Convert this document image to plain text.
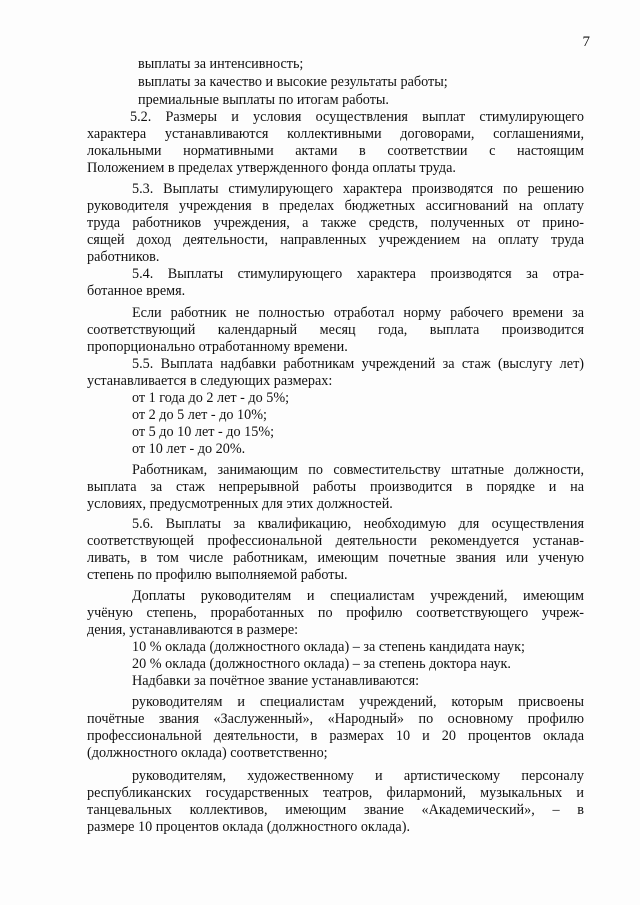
7
выплаты за интенсивность;
выплаты за качество и высокие результаты работы;
премиальные выплаты по итогам работы.
5.2. Размеры и условия осуществления выплат стимулирующего
характера устанавливаются коллективными договорами, соглашениями,
локальными нормативными актами в соответствии с настоящим
Положением в пределах утвержденного фонда оплаты труда.
5.3. Выплаты стимулирующего характера производятся по решению
руководителя учреждения в пределах бюджетных ассигнований на оплату
труда работников учреждения, а также средств, полученных от прино-
сящей доход деятельности, направленных учреждением на оплату труда
работников.
5.4. Выплаты стимулирующего характера производятся за отра-
ботанное время.
Если работник не полностью отработал норму рабочего времени за
соответствующий календарный месяц года, выплата производится
пропорционально отработанному времени.
5.5. Выплата надбавки работникам учреждений за стаж (выслугу лет)
устанавливается в следующих размерах:
от 1 года до 2 лет - до 5%;
от 2 до 5 лет - до 10%;
от 5 до 10 лет - до 15%;
от 10 лет - до 20%.
Работникам, занимающим по совместительству штатные должности,
выплата за стаж непрерывной работы производится в порядке и на
условиях, предусмотренных для этих должностей.
5.6. Выплаты за квалификацию, необходимую для осуществления
соответствующей профессиональной деятельности рекомендуется устанав-
ливать, в том числе работникам, имеющим почетные звания или ученую
степень по профилю выполняемой работы.
Доплаты руководителям и специалистам учреждений, имеющим
учёную степень, проработанных по профилю соответствующего учреж-
дения, устанавливаются в размере:
10 % оклада (должностного оклада) – за степень кандидата наук;
20 % оклада (должностного оклада) – за степень доктора наук.
Надбавки за почётное звание устанавливаются:
руководителям и специалистам учреждений, которым присвоены
почётные звания «Заслуженный», «Народный» по основному профилю
профессиональной деятельности, в размерах 10 и 20 процентов оклада
(должностного оклада) соответственно;
руководителям, художественному и артистическому персоналу
республиканских государственных театров, филармоний, музыкальных и
танцевальных коллективов, имеющим звание «Академический», – в
размере 10 процентов оклада (должностного оклада).
